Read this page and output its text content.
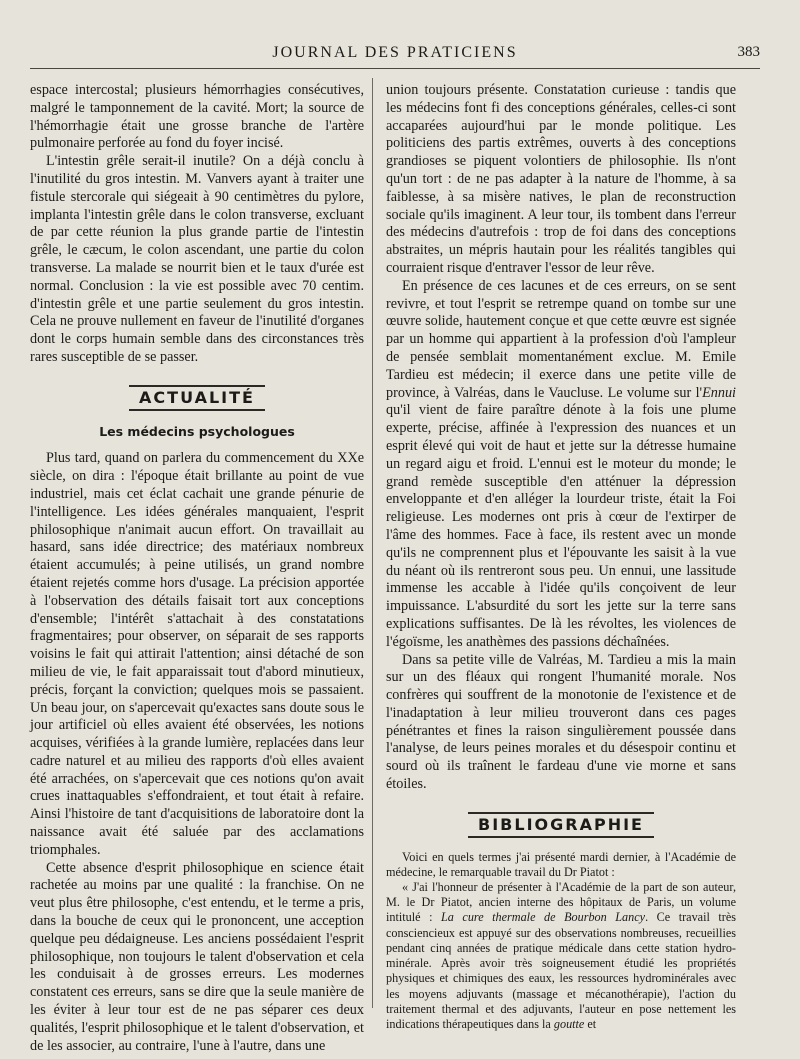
JOURNAL DES PRATICIENS	383

espace intercostal; plusieurs hémorrhagies consécutives, malgré le tamponnement de la cavité. Mort; la source de l'hémorrhagie était une grosse branche de l'artère pulmonaire perforée au fond du foyer incisé.

L'intestin grêle serait-il inutile? On a déjà conclu à l'inutilité du gros intestin. M. Vanvers ayant à traiter une fistule stercorale qui siégeait à 90 centimètres du pylore, implanta l'intestin grêle dans le colon transverse, excluant de par cette réunion la plus grande partie de l'intestin grêle, le cæcum, le colon ascendant, une partie du colon transverse. La malade se nourrit bien et le taux d'urée est normal. Conclusion : la vie est possible avec 70 centim. d'intestin grêle et une partie seulement du gros intestin. Cela ne prouve nullement en faveur de l'inutilité d'organes dont le corps humain semble dans des circonstances très rares susceptible de se passer.

ACTUALITÉ
Les médecins psychologues

Plus tard, quand on parlera du commencement du XXe siècle, on dira : l'époque était brillante au point de vue industriel, mais cet éclat cachait une grande pénurie de l'intelligence. Les idées générales manquaient, l'esprit philosophique n'animait aucun effort. On travaillait au hasard, sans idée directrice; des matériaux nombreux étaient accumulés; à peine utilisés, un grand nombre étaient rejetés comme hors d'usage. La précision apportée à l'observation des détails faisait tort aux conceptions d'ensemble; l'intérêt s'attachait à des constatations fragmentaires; pour observer, on séparait de ses rapports voisins le fait qui attirait l'attention; ainsi détaché de son milieu de vie, le fait apparaissait tout d'abord minutieux, précis, forçant la conviction; quelques mois se passaient. Un beau jour, on s'apercevait qu'exactes sans doute sous le jour artificiel où elles avaient été observées, les notions acquises, vérifiées à la grande lumière, replacées dans leur cadre naturel et au milieu des rapports d'où elles avaient été arrachées, on s'apercevait que ces notions qu'on avait crues inattaquables s'effondraient, et tout était à refaire. Ainsi l'histoire de tant d'acquisitions de laboratoire dont la naissance avait été saluée par des acclamations triomphales.

Cette absence d'esprit philosophique en science était rachetée au moins par une qualité : la franchise. On ne veut plus être philosophe, c'est entendu, et le terme a pris, dans la bouche de ceux qui le prononcent, une acception quelque peu dédaigneuse. Les anciens possédaient l'esprit philosophique, non toujours le talent d'observation et cela les conduisait à de grosses erreurs. Les modernes constatent ces erreurs, sans se dire que la seule manière de les éviter à leur tour est de ne pas séparer ces deux qualités, l'esprit philosophique et le talent d'observation, et de les associer, au contraire, l'une à l'autre, dans une

union toujours présente. Constatation curieuse : tandis que les médecins font fi des conceptions générales, celles-ci sont accaparées aujourd'hui par le monde politique. Les politiciens des partis extrêmes, ouverts à des conceptions grandioses se piquent volontiers de philosophie. Ils n'ont qu'un tort : de ne pas adapter à la nature de l'homme, à sa faiblesse, à sa misère natives, le plan de reconstruction sociale qu'ils imaginent. A leur tour, ils tombent dans l'erreur des médecins d'autrefois : trop de foi dans des conceptions abstraites, un mépris hautain pour les réalités tangibles qui courraient risque d'entraver l'essor de leur rêve.

En présence de ces lacunes et de ces erreurs, on se sent revivre, et tout l'esprit se retrempe quand on tombe sur une œuvre solide, hautement conçue et que cette œuvre est signée par un homme qui appartient à la profession d'où l'ampleur de pensée semblait momentanément exclue. M. Emile Tardieu est médecin; il exerce dans une petite ville de province, à Valréas, dans le Vaucluse. Le volume sur l'Ennui qu'il vient de faire paraître dénote à la fois une plume experte, précise, affinée à l'expression des nuances et un esprit élevé qui voit de haut et jette sur la détresse humaine un regard aigu et froid. L'ennui est le moteur du monde; le grand remède susceptible d'en atténuer la dépression enveloppante et d'en alléger la lourdeur triste, était la Foi religieuse. Les modernes ont pris à cœur de l'extirper de l'âme des hommes. Face à face, ils restent avec un monde qu'ils ne comprennent plus et l'épouvante les saisit à la vue du néant où ils rentreront sous peu. Un ennui, une lassitude immense les accable à l'idée qu'ils conçoivent de leur impuissance. L'absurdité du sort les jette sur la terre sans explications suffisantes. De là les révoltes, les violences de l'égoïsme, les anathèmes des passions déchaînées.

Dans sa petite ville de Valréas, M. Tardieu a mis la main sur un des fléaux qui rongent l'humanité morale. Nos confrères qui souffrent de la monotonie de l'existence et de l'inadaptation à leur milieu trouveront dans ces pages pénétrantes et fines la raison singulièrement poussée dans l'analyse, de leurs peines morales et du désespoir continu et sourd où ils traînent le fardeau d'une vie morne et sans étoiles.

BIBLIOGRAPHIE

Voici en quels termes j'ai présenté mardi dernier, à l'Académie de médecine, le remarquable travail du Dr Piatot :

« J'ai l'honneur de présenter à l'Académie de la part de son auteur, M. le Dr Piatot, ancien interne des hôpitaux de Paris, un volume intitulé : La cure thermale de Bourbon Lancy. Ce travail très consciencieux est appuyé sur des observations nombreuses, recueillies pendant cinq années de pratique médicale dans cette station hydro-minérale. Après avoir très soigneusement étudié les propriétés physiques et chimiques des eaux, les ressources hydrominérales avec les moyens adjuvants (massage et mécanothérapie), l'action du traitement thermal et des adjuvants, l'auteur en pose nettement les indications thérapeutiques dans la goutte et
